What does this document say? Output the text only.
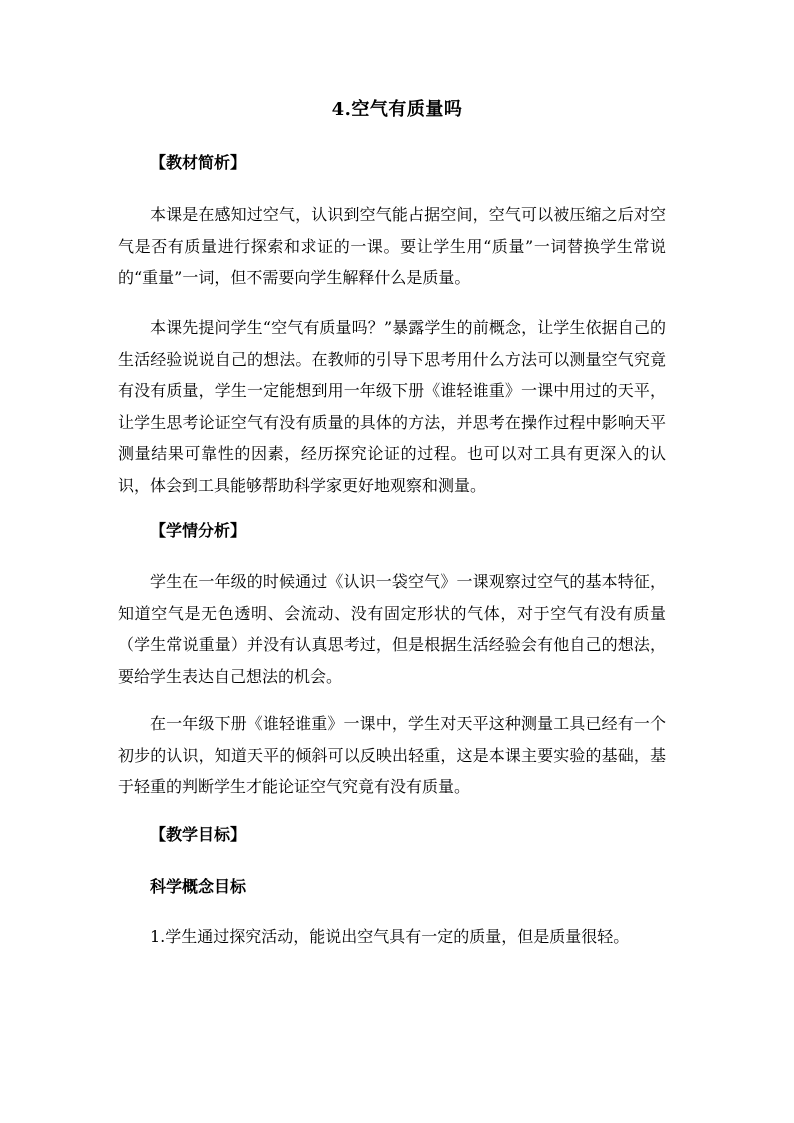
4.空气有质量吗
【教材简析】

本课是在感知过空气，认识到空气能占据空间，空气可以被压缩之后对空气是否有质量进行探索和求证的一课。要让学生用“质量”一词替换学生常说的“重量”一词，但不需要向学生解释什么是质量。

本课先提问学生“空气有质量吗？”暴露学生的前概念，让学生依据自己的生活经验说说自己的想法。在教师的引导下思考用什么方法可以测量空气究竟有没有质量，学生一定能想到用一年级下册《谁轻谁重》一课中用过的天平，让学生思考论证空气有没有质量的具体的方法，并思考在操作过程中影响天平测量结果可靠性的因素，经历探究论证的过程。也可以对工具有更深入的认识，体会到工具能够帮助科学家更好地观察和测量。

【学情分析】

学生在一年级的时候通过《认识一袋空气》一课观察过空气的基本特征，知道空气是无色透明、会流动、没有固定形状的气体，对于空气有没有质量（学生常说重量）并没有认真思考过，但是根据生活经验会有他自己的想法，要给学生表达自己想法的机会。

在一年级下册《谁轻谁重》一课中，学生对天平这种测量工具已经有一个初步的认识，知道天平的倾斜可以反映出轻重，这是本课主要实验的基础，基于轻重的判断学生才能论证空气究竟有没有质量。

【教学目标】
科学概念目标
1.学生通过探究活动，能说出空气具有一定的质量，但是质量很轻。
